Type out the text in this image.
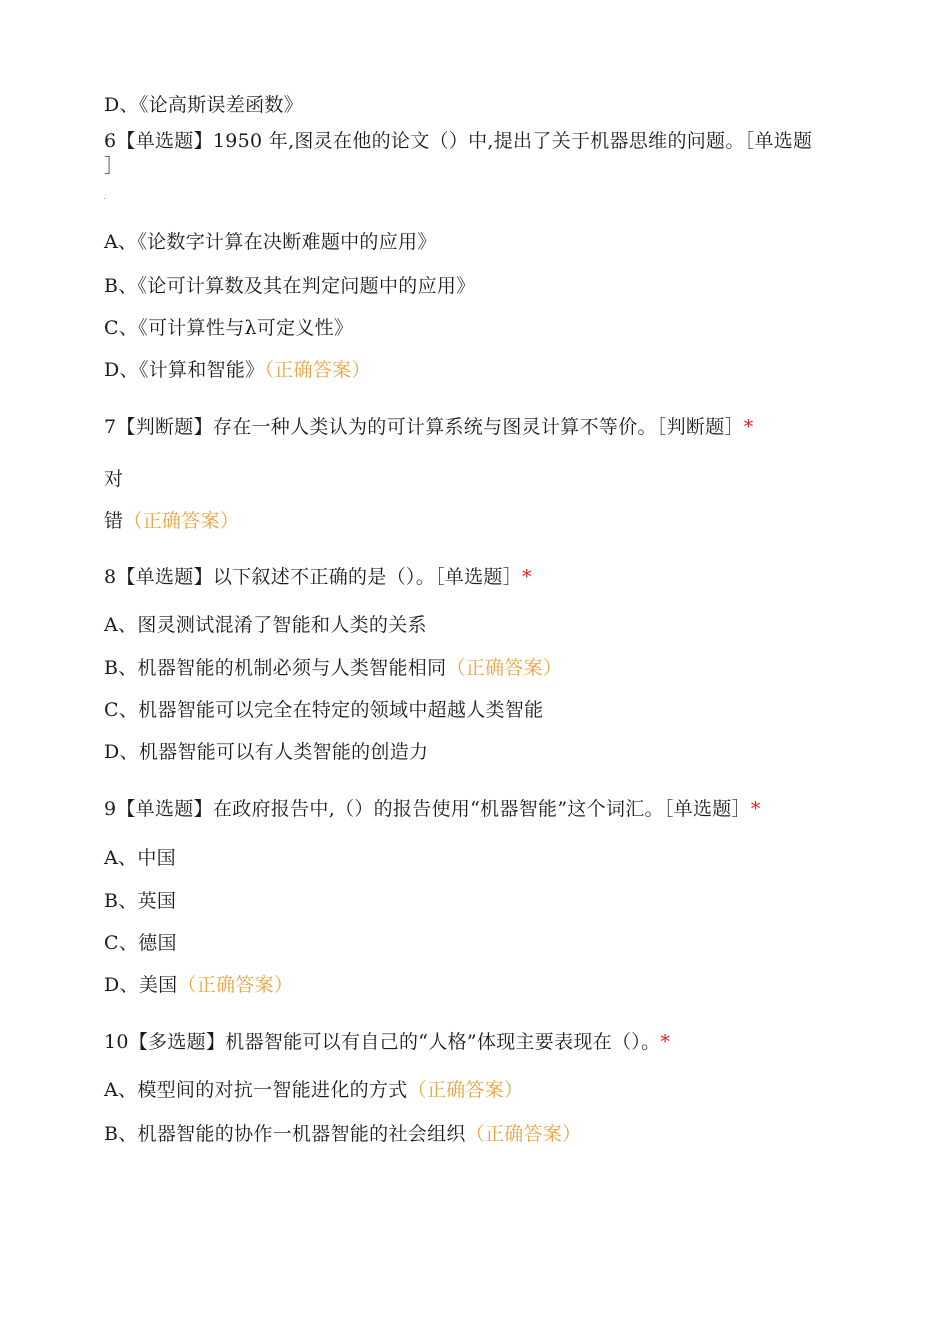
D、《论高斯误差函数》
6【单选题】1950 年,图灵在他的论文（）中,提出了关于机器思维的问题。［单选题
］
A、《论数字计算在决断难题中的应用》
B、《论可计算数及其在判定问题中的应用》
C、《可计算性与λ可定义性》
D、《计算和智能》（正确答案）
7【判断题】存在一种人类认为的可计算系统与图灵计算不等价。［判断题］*
对
错（正确答案）
8【单选题】以下叙述不正确的是（）。［单选题］*
A、图灵测试混淆了智能和人类的关系
B、机器智能的机制必须与人类智能相同（正确答案）
C、机器智能可以完全在特定的领域中超越人类智能
D、机器智能可以有人类智能的创造力
9【单选题】在政府报告中,（）的报告使用“机器智能”这个词汇。［单选题］*
A、中国
B、英国
C、德国
D、美国（正确答案）
10【多选题】机器智能可以有自己的“人格”体现主要表现在（）。*
A、模型间的对抗一智能进化的方式（正确答案）
B、机器智能的协作一机器智能的社会组织（正确答案）
